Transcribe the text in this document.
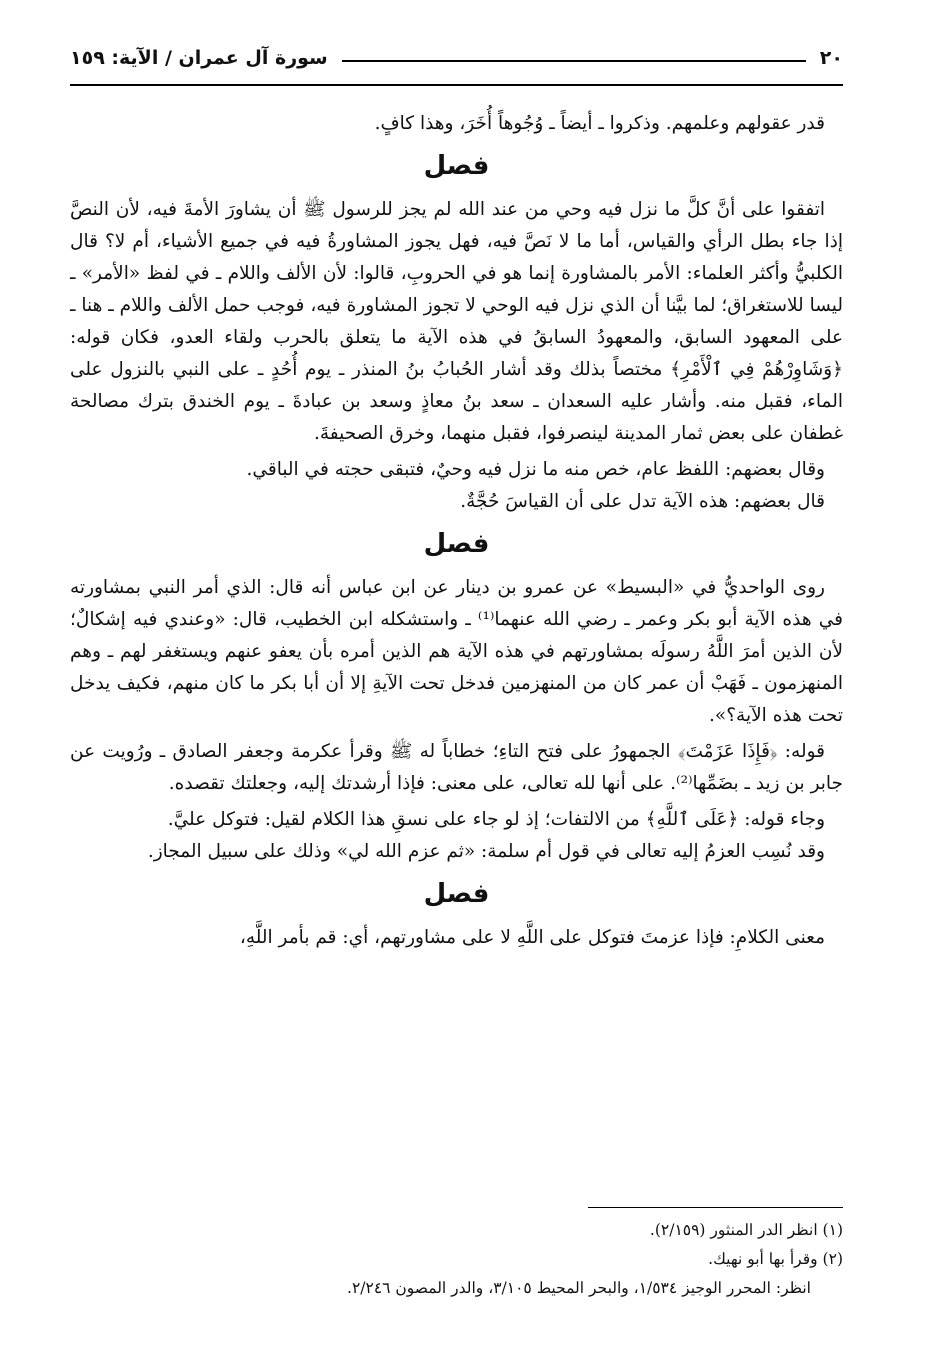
٢٠
سورة آل عمران / الآية: ١٥٩

قدر عقولهم وعلمهم. وذكروا ـ أيضاً ـ وُجُوهاً أُخَرَ، وهذا كافٍ.

فصل

اتفقوا على أنَّ كلَّ ما نزل فيه وحي من عند الله لم يجز للرسول ﷺ أن يشاورَ الأمةَ فيه، لأن النصَّ إذا جاء بطل الرأي والقياس، أما ما لا نَصَّ فيه، فهل يجوز المشاورةُ فيه في جميع الأشياء، أم لا؟ قال الكلبيُّ وأكثر العلماء: الأمر بالمشاورة إنما هو في الحروبِ، قالوا: لأن الألف واللام ـ في لفظ «الأمر» ـ ليسا للاستغراق؛ لما بيَّنا أن الذي نزل فيه الوحي لا تجوز المشاورة فيه، فوجب حمل الألف واللام ـ هنا ـ على المعهود السابق، والمعهودُ السابقُ في هذه الآية ما يتعلق بالحرب ولقاء العدو، فكان قوله: ﴿وَشَاوِرْهُمْ فِي ٱلْأَمْرِ﴾ مختصاً بذلك وقد أشار الحُبابُ بنُ المنذر ـ يوم أُحُدٍ ـ على النبي بالنزول على الماء، فقبل منه. وأشار عليه السعدان ـ سعد بنُ معاذٍ وسعد بن عبادةَ ـ يوم الخندق بترك مصالحة غطفان على بعض ثمار المدينة لينصرفوا، فقبل منهما، وخرق الصحيفةَ.

وقال بعضهم: اللفظ عام، خص منه ما نزل فيه وحيٌ، فتبقى حجته في الباقي.

قال بعضهم: هذه الآية تدل على أن القياسَ حُجَّةٌ.

فصل

روى الواحديُّ في «البسيط» عن عمرو بن دينار عن ابن عباس أنه قال: الذي أمر النبي بمشاورته في هذه الآية أبو بكر وعمر ـ رضي الله عنهما⁽¹⁾ ـ واستشكله ابن الخطيب، قال: «وعندي فيه إشكالٌ؛ لأن الذين أمرَ اللَّهُ رسولَه بمشاورتهم في هذه الآية هم الذين أمره بأن يعفو عنهم ويستغفر لهم ـ وهم المنهزمون ـ فَهَبْ أن عمر كان من المنهزمين فدخل تحت الآيةِ إلا أن أبا بكر ما كان منهم، فكيف يدخل تحت هذه الآية؟».

قوله: ﴿فَإِذَا عَزَمْتَ﴾ الجمهورُ على فتح التاءِ؛ خطاباً له ﷺ وقرأ عكرمة وجعفر الصادق ـ ورُويت عن جابر بن زيد ـ بضَمِّها⁽²⁾. على أنها لله تعالى، على معنى: فإذا أرشدتك إليه، وجعلتك تقصده.

وجاء قوله: ﴿عَلَى ٱللَّهِ﴾ من الالتفات؛ إذ لو جاء على نسقِ هذا الكلام لقيل: فتوكل عليَّ.

وقد نُسِب العزمُ إليه تعالى في قول أم سلمة: «ثم عزم الله لي» وذلك على سبيل المجاز.

فصل

معنى الكلامِ: فإذا عزمتَ فتوكل على اللَّهِ لا على مشاورتهم، أي: قم بأمر اللَّهِ،

(١) انظر الدر المنثور (٢/١٥٩).
(٢) وقرأ بها أبو نهيك.
انظر: المحرر الوجيز ١/٥٣٤، والبحر المحيط ٣/١٠٥، والدر المصون ٢/٢٤٦.
